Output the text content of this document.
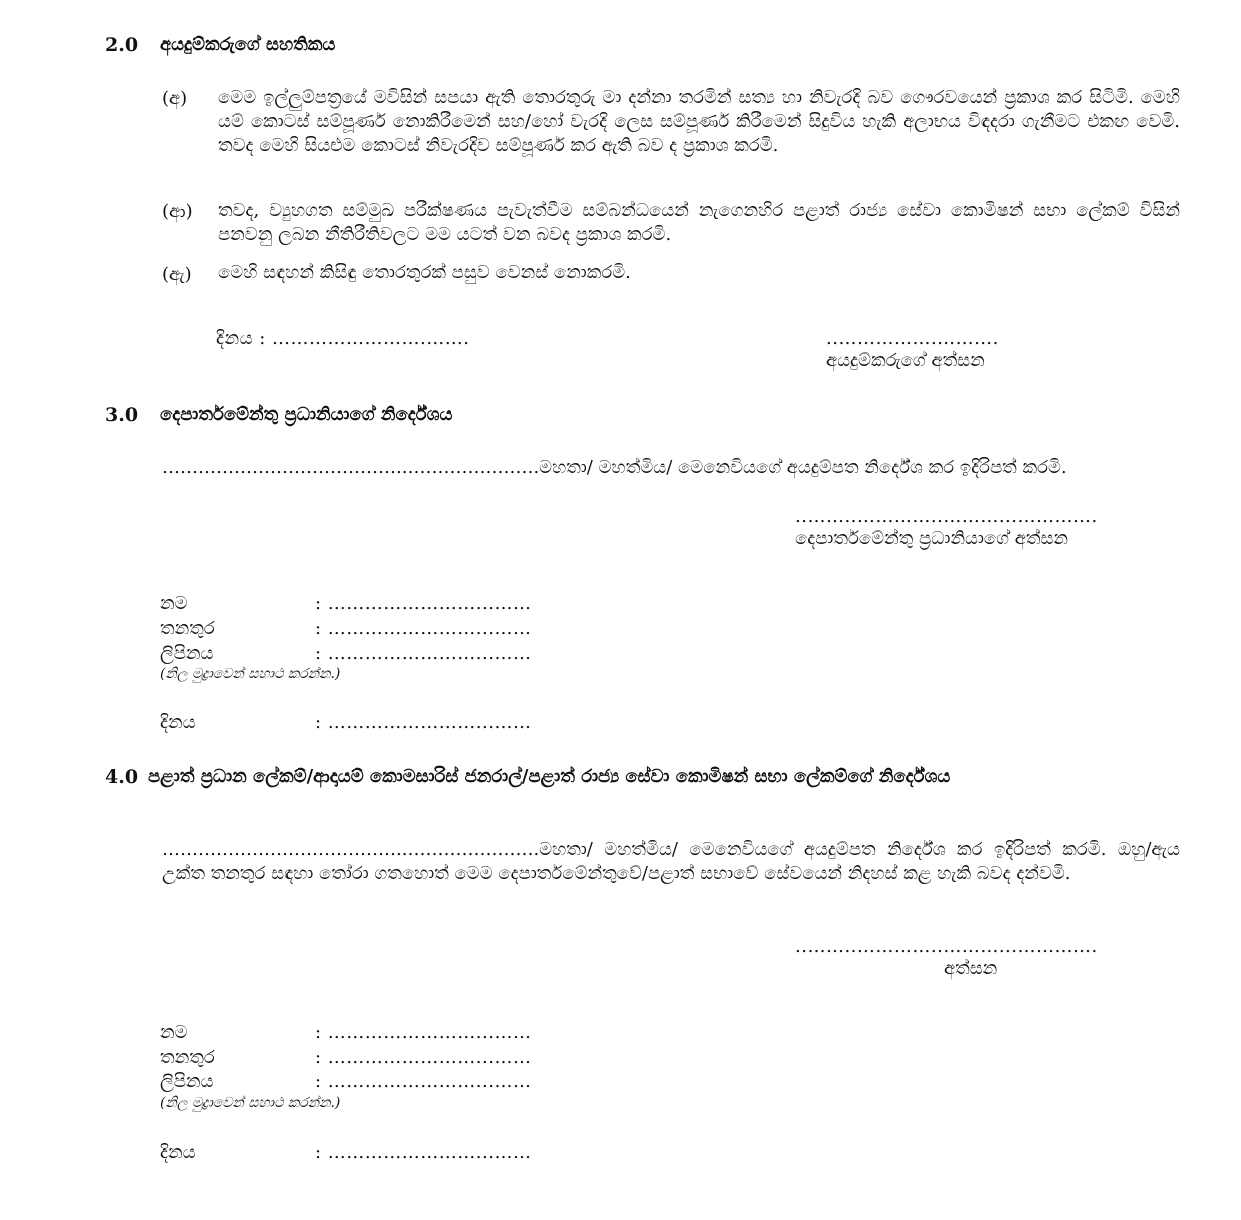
2.0 අයදුම්කරුගේ සහතිකය
(අ) මෙම ඉල්ලුම්පත්‍රයේ මවිසින් සපයා ඇති තොරතුරු මා දන්නා තරමින් සත්‍ය හා නිවැරදි බව ගෞරවයෙන් ප්‍රකාශ කර සිටිමි. මෙහි යම් කොටස් සම්පූර්ණ නොකිරීමෙන් සහ/හෝ වැරදි ලෙස සම්පූර්ණ කිරීමෙන් සිදුවිය හැකි අලාභය විඳදරා ගැනීමට එකඟ වෙමි. තවද මෙහි සියළුම කොටස් නිවැරදිව සම්පූර්ණ කර ඇති බව ද ප්‍රකාශ කරමි.
(ආ) තවද, ව්‍යුහගත සම්මුඛ පරීක්ෂණය පැවැත්වීම සම්බන්ධයෙන් නැගෙනහිර පළාත් රාජ්‍ය සේවා කොමිෂන් සභා ලේකම් විසින් පනවනු ලබන නීතිරීතිවලට මම යටත් වන බවද ප්‍රකාශ කරමි.
(ඇ) මෙහි සඳහන් කිසිඳු තොරතුරක් පසුව වෙනස් නොකරමි.
දිනය : …………………….…….	..…………….……….
අයදුම්කරුගේ අත්සන
3.0 දෙපාර්තමේන්තු ප්‍රධානියාගේ නිර්දේශය
…………………………………..………………….මහතා/ මහත්මිය/ මෙනෙවියගේ අයදුම්පත නිර්දේශ කර ඉදිරිපත් කරමි.
..……..…………..………...………….
දෙපාර්තමේන්තු ප්‍රධානියාගේ අත්සන
නම	: ……………………...……
තනතුර	: ……………………...……
ලිපිනය	: ……………………...……
(නිල මුද්‍රාවෙන් සහාථ කරන්න.)
දිනය	: ……………………...……
4.0 පළාත් ප්‍රධාන ලේකම්/ආදායම් කොමසාරිස් ජනරාල්/පළාත් රාජ්‍ය සේවා කොමිෂන් සභා ලේකම්ගේ නිර්දේශය
…………………………………..………………….මහතා/ මහත්මිය/ මෙනෙවියගේ අයදුම්පත නිර්දේශ කර ඉදිරිපත් කරමි. ඔහු/ඇය උක්ත තනතුර සඳහා තෝරා ගතහොත් මෙම දෙපාර්තමේන්තුවේ/පළාත් සභාවේ සේවයෙන් නිදහස් කළ හැකි බවද දන්වමි.
..……..…………..………...………….
අත්සන
නම	: ……………………...……
තනතුර	: ……………………...……
ලිපිනය	: ……………………...……
(නිල මුද්‍රාවෙන් සහාථ කරන්න.)
දිනය	: ……………………...……
